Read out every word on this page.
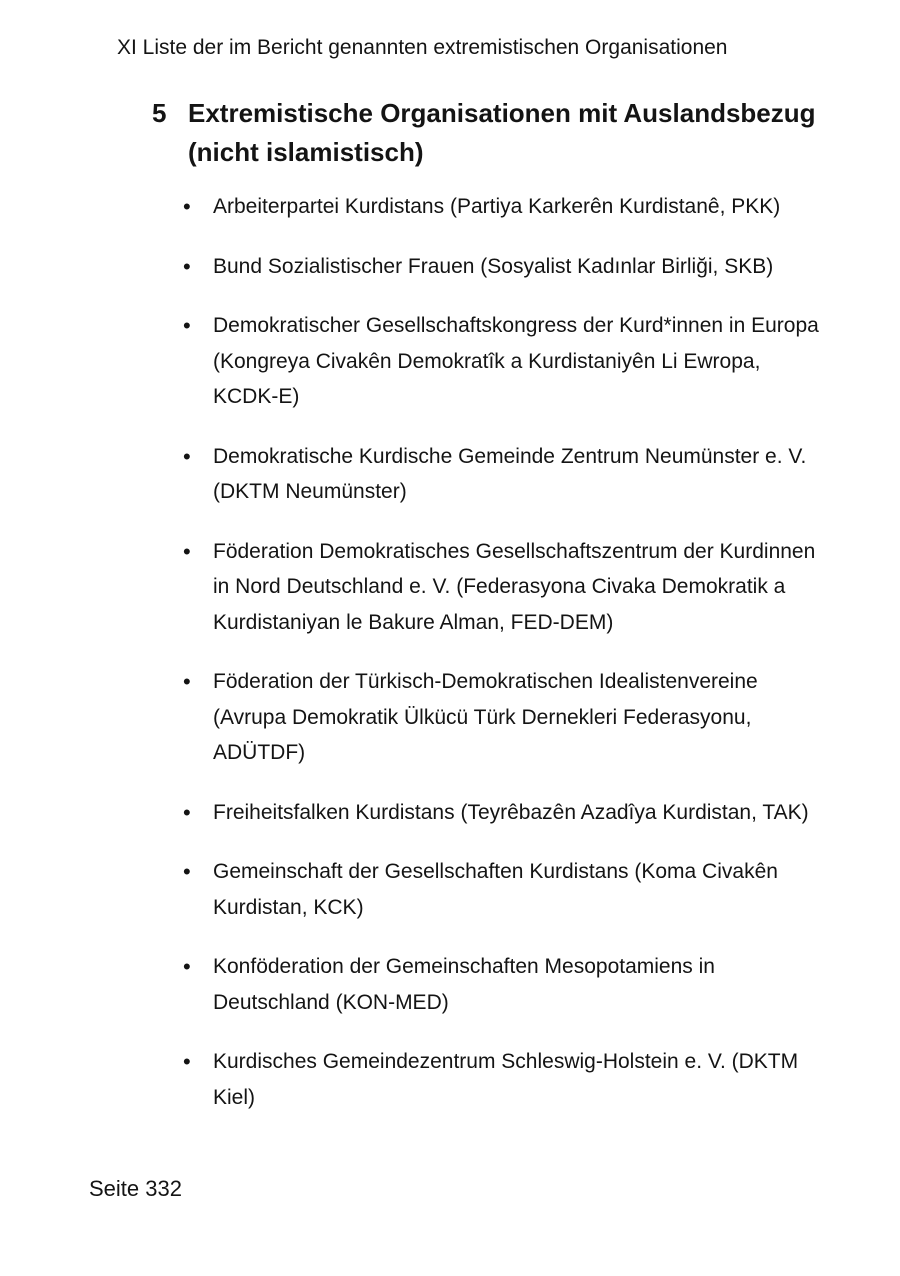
XI Liste der im Bericht genannten extremistischen Organisationen
5 Extremistische Organisationen mit Auslandsbezug (nicht islamistisch)
•	Arbeiterpartei Kurdistans (Partiya Karkerên Kurdistanê, PKK)
•	Bund Sozialistischer Frauen (Sosyalist Kadınlar Birliği, SKB)
•	Demokratischer Gesellschaftskongress der Kurd*innen in Europa (Kongreya Civakên Demokratîk a Kurdistaniyên Li Ewropa, KCDK-E)
•	Demokratische Kurdische Gemeinde Zentrum Neumünster e. V. (DKTM Neumünster)
•	Föderation Demokratisches Gesellschaftszentrum der Kurdinnen in Nord Deutschland e. V. (Federasyona Civaka Demokratik a Kurdistaniyan le Bakure Alman, FED-DEM)
•	Föderation der Türkisch-Demokratischen Idealistenvereine (Avrupa Demokratik Ülkücü Türk Dernekleri Federasyonu, ADÜTDF)
•	Freiheitsfalken Kurdistans (Teyrêbazên Azadîya Kurdistan, TAK)
•	Gemeinschaft der Gesellschaften Kurdistans (Koma Civakên Kurdistan, KCK)
•	Konföderation der Gemeinschaften Mesopotamiens in Deutschland (KON-MED)
•	Kurdisches Gemeindezentrum Schleswig-Holstein e. V. (DKTM Kiel)
Seite 332
